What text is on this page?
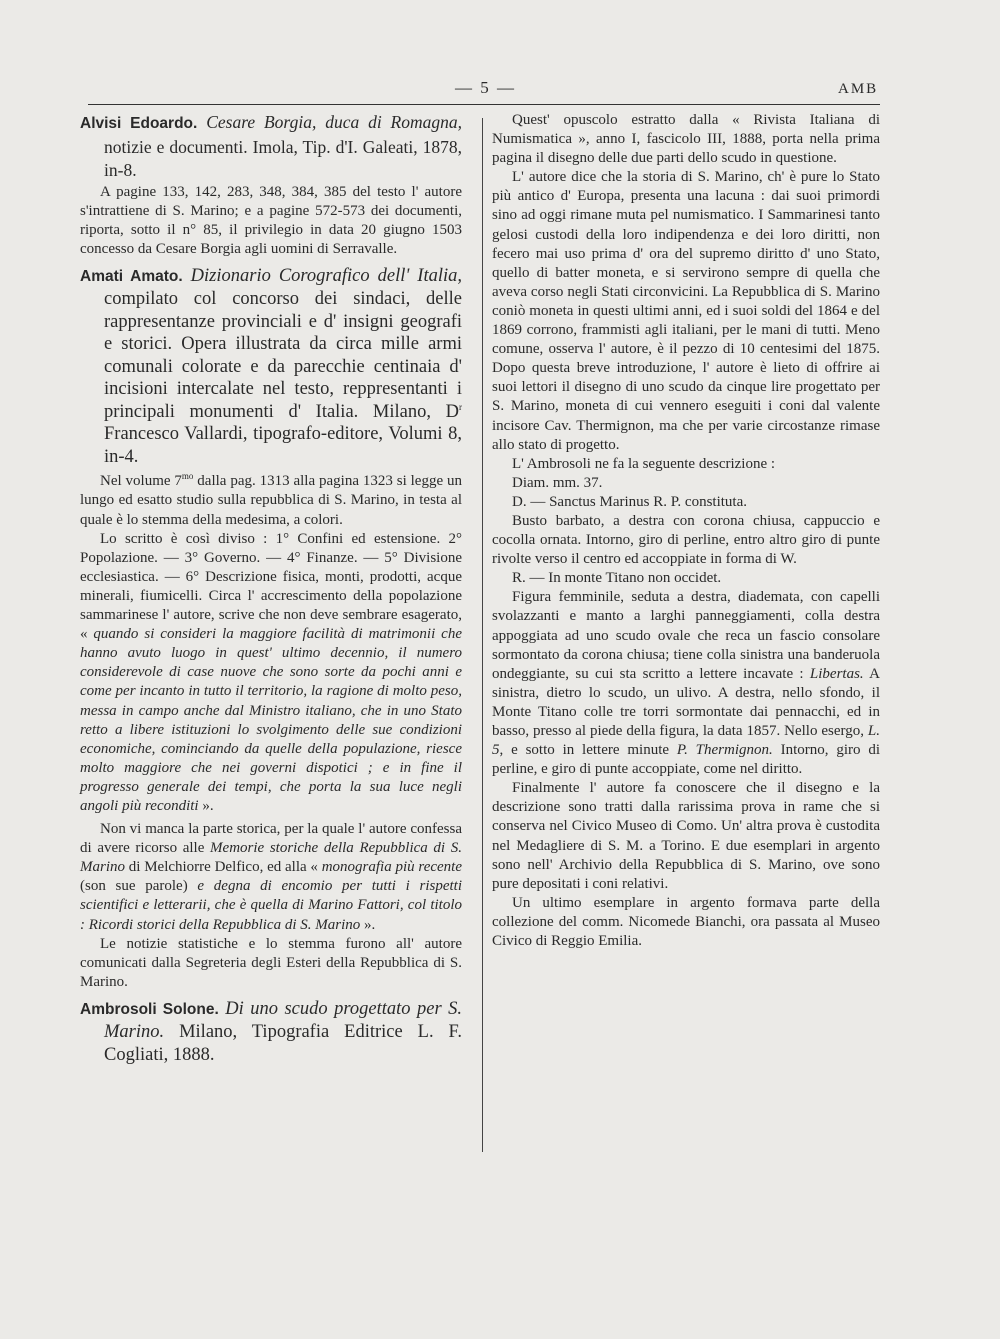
— 5 —	AMB

Alvisi Edoardo. Cesare Borgia, duca di Romagna, notizie e documenti. Imola, Tip. d'I. Galeati, 1878, in-8.

A pagine 133, 142, 283, 348, 384, 385 del testo l' autore s'intrattiene di S. Marino; e a pagine 572-573 dei documenti, riporta, sotto il n° 85, il privilegio in data 20 giugno 1503 concesso da Cesare Borgia agli uomini di Serravalle.

Amati Amato. Dizionario Corografico dell' Italia, compilato col concorso dei sindaci, delle rappresentanze provinciali e d' insigni geografi e storici. Opera illustrata da circa mille armi comunali colorate e da parecchie centinaia d' incisioni intercalate nel testo, reppresentanti i principali monumenti d' Italia. Milano, $D^r$ Francesco Vallardi, tipografo-editore, Volumi 8, in-4.

Nel volume $7^{mo}$ dalla pag. 1313 alla pagina 1323 si legge un lungo ed esatto studio sulla repubblica di S. Marino, in testa al quale è lo stemma della medesima, a colori.

Lo scritto è così diviso : 1° Confini ed estensione. 2° Popolazione. — 3° Governo. — 4° Finanze. — 5° Divisione ecclesiastica. — 6° Descrizione fisica, monti, prodotti, acque minerali, fiumicelli. Circa l' accrescimento della popolazione sammarinese l' autore, scrive che non deve sembrare esagerato, « quando si consideri la maggiore facilità di matrimonii che hanno avuto luogo in quest' ultimo decennio, il numero considerevole di case nuove che sono sorte da pochi anni e come per incanto in tutto il territorio, la ragione di molto peso, messa in campo anche dal Ministro italiano, che in uno Stato retto a libere istituzioni lo svolgimento delle sue condizioni economiche, cominciando da quelle della populazione, riesce molto maggiore che nei governi dispotici ; e in fine il progresso generale dei tempi, che porta la sua luce negli angoli più reconditi ».

Non vi manca la parte storica, per la quale l' autore confessa di avere ricorso alle Memorie storiche della Repubblica di S. Marino di Melchiorre Delfico, ed alla « monografia più recente (son sue parole) e degna di encomio per tutti i rispetti scientifici e letterarii, che è quella di Marino Fattori, col titolo : Ricordi storici della Repubblica di S. Marino ».

Le notizie statistiche e lo stemma furono all' autore comunicati dalla Segreteria degli Esteri della Repubblica di S. Marino.

Ambrosoli Solone. Di uno scudo progettato per S. Marino. Milano, Tipografia Editrice L. F. Cogliati, 1888.

Quest' opuscolo estratto dalla « Rivista Italiana di Numismatica », anno I, fascicolo III, 1888, porta nella prima pagina il disegno delle due parti dello scudo in questione.

L' autore dice che la storia di S. Marino, ch' è pure lo Stato più antico d' Europa, presenta una lacuna : dai suoi primordi sino ad oggi rimane muta pel numismatico. I Sammarinesi tanto gelosi custodi della loro indipendenza e dei loro diritti, non fecero mai uso prima d' ora del supremo diritto d' uno Stato, quello di batter moneta, e si servirono sempre di quella che aveva corso negli Stati circonvicini. La Repubblica di S. Marino coniò moneta in questi ultimi anni, ed i suoi soldi del 1864 e del 1869 corrono, frammisti agli italiani, per le mani di tutti. Meno comune, osserva l' autore, è il pezzo di 10 centesimi del 1875. Dopo questa breve introduzione, l' autore è lieto di offrire ai suoi lettori il disegno di uno scudo da cinque lire progettato per S. Marino, moneta di cui vennero eseguiti i coni dal valente incisore Cav. Thermignon, ma che per varie circostanze rimase allo stato di progetto.

L' Ambrosoli ne fa la seguente descrizione :

Diam. mm. 37.

D. — Sanctus Marinus R. P. constituta.

Busto barbato, a destra con corona chiusa, cappuccio e cocolla ornata. Intorno, giro di perline, entro altro giro di punte rivolte verso il centro ed accoppiate in forma di W.

R. — In monte Titano non occidet.

Figura femminile, seduta a destra, diademata, con capelli svolazzanti e manto a larghi panneggiamenti, colla destra appoggiata ad uno scudo ovale che reca un fascio consolare sormontato da corona chiusa; tiene colla sinistra una banderuola ondeggiante, su cui sta scritto a lettere incavate : Libertas. A sinistra, dietro lo scudo, un ulivo. A destra, nello sfondo, il Monte Titano colle tre torri sormontate dai pennacchi, ed in basso, presso al piede della figura, la data 1857. Nello esergo, L. 5, e sotto in lettere minute P. Thermignon. Intorno, giro di perline, e giro di punte accoppiate, come nel diritto.

Finalmente l' autore fa conoscere che il disegno e la descrizione sono tratti dalla rarissima prova in rame che si conserva nel Civico Museo di Como. Un' altra prova è custodita nel Medagliere di S. M. a Torino. E due esemplari in argento sono nell' Archivio della Repubblica di S. Marino, ove sono pure depositati i coni relativi.

Un ultimo esemplare in argento formava parte della collezione del comm. Nicomede Bianchi, ora passata al Museo Civico di Reggio Emilia.
